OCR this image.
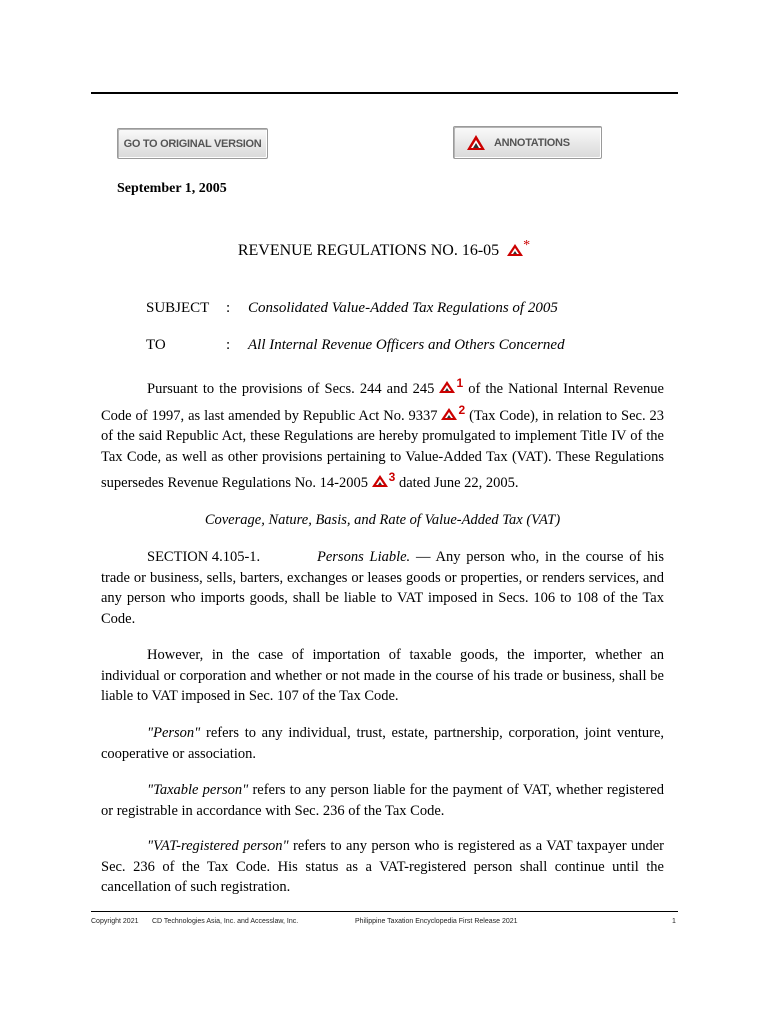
GO TO ORIGINAL VERSION	ANNOTATIONS
September 1, 2005
REVENUE REGULATIONS NO. 16-05 *
SUBJECT : Consolidated Value-Added Tax Regulations of 2005
TO	: All Internal Revenue Officers and Others Concerned
Pursuant to the provisions of Secs. 244 and 245 $^1$ of the National Internal Revenue Code of 1997, as last amended by Republic Act No. 9337 $^2$ (Tax Code), in relation to Sec. 23 of the said Republic Act, these Regulations are hereby promulgated to implement Title IV of the Tax Code, as well as other provisions pertaining to Value-Added Tax (VAT). These Regulations supersedes Revenue Regulations No. 14-2005 $^3$ dated June 22, 2005.
Coverage, Nature, Basis, and Rate of Value-Added Tax (VAT)
SECTION 4.105-1.	Persons Liable. — Any person who, in the course of his trade or business, sells, barters, exchanges or leases goods or properties, or renders services, and any person who imports goods, shall be liable to VAT imposed in Secs. 106 to 108 of the Tax Code.
However, in the case of importation of taxable goods, the importer, whether an individual or corporation and whether or not made in the course of his trade or business, shall be liable to VAT imposed in Sec. 107 of the Tax Code.
"Person" refers to any individual, trust, estate, partnership, corporation, joint venture, cooperative or association.
"Taxable person" refers to any person liable for the payment of VAT, whether registered or registrable in accordance with Sec. 236 of the Tax Code.
"VAT-registered person" refers to any person who is registered as a VAT taxpayer under Sec. 236 of the Tax Code. His status as a VAT-registered person shall continue until the cancellation of such registration.
Copyright 2021 CD Technologies Asia, Inc. and Accesslaw, Inc.	Philippine Taxation Encyclopedia First Release 2021	1
